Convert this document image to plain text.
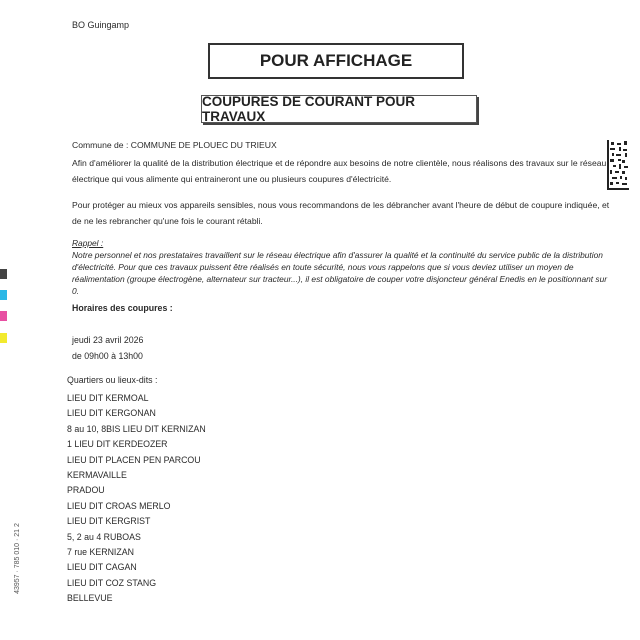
BO Guingamp
POUR AFFICHAGE
COUPURES DE COURANT POUR TRAVAUX
Commune de : COMMUNE DE PLOUEC DU TRIEUX
Afin d'améliorer la qualité de la distribution électrique et de répondre aux besoins de notre clientèle, nous réalisons des travaux sur le réseau électrique qui vous alimente qui entraineront une ou plusieurs coupures d'électricité.
Pour protéger au mieux vos appareils sensibles, nous vous recommandons de les débrancher avant l'heure de début de coupure indiquée, et de ne les rebrancher qu'une fois le courant rétabli.
Rappel :
Notre personnel et nos prestataires travaillent sur le réseau électrique afin d'assurer la qualité et la continuité du service public de la distribution d'électricité. Pour que ces travaux puissent être réalisés en toute sécurité, nous vous rappelons que si vous deviez utiliser un moyen de réalimentation (groupe électrogène, alternateur sur tracteur...), il est obligatoire de couper votre disjoncteur général Enedis en le positionnant sur 0.
Horaires des coupures :
jeudi 23 avril 2026
de 09h00 à 13h00
Quartiers ou lieux-dits :
LIEU DIT KERMOAL
LIEU DIT KERGONAN
8 au 10, 8BIS LIEU DIT KERNIZAN
1 LIEU DIT KERDEOZER
LIEU DIT PLACEN PEN PARCOU
KERMAVAILLE
PRADOU
LIEU DIT CROAS MERLO
LIEU DIT KERGRIST
5, 2 au 4 RUBOAS
7 rue KERNIZAN
LIEU DIT CAGAN
LIEU DIT COZ STANG
BELLEVUE
43957 · 785 010 · 21 2
